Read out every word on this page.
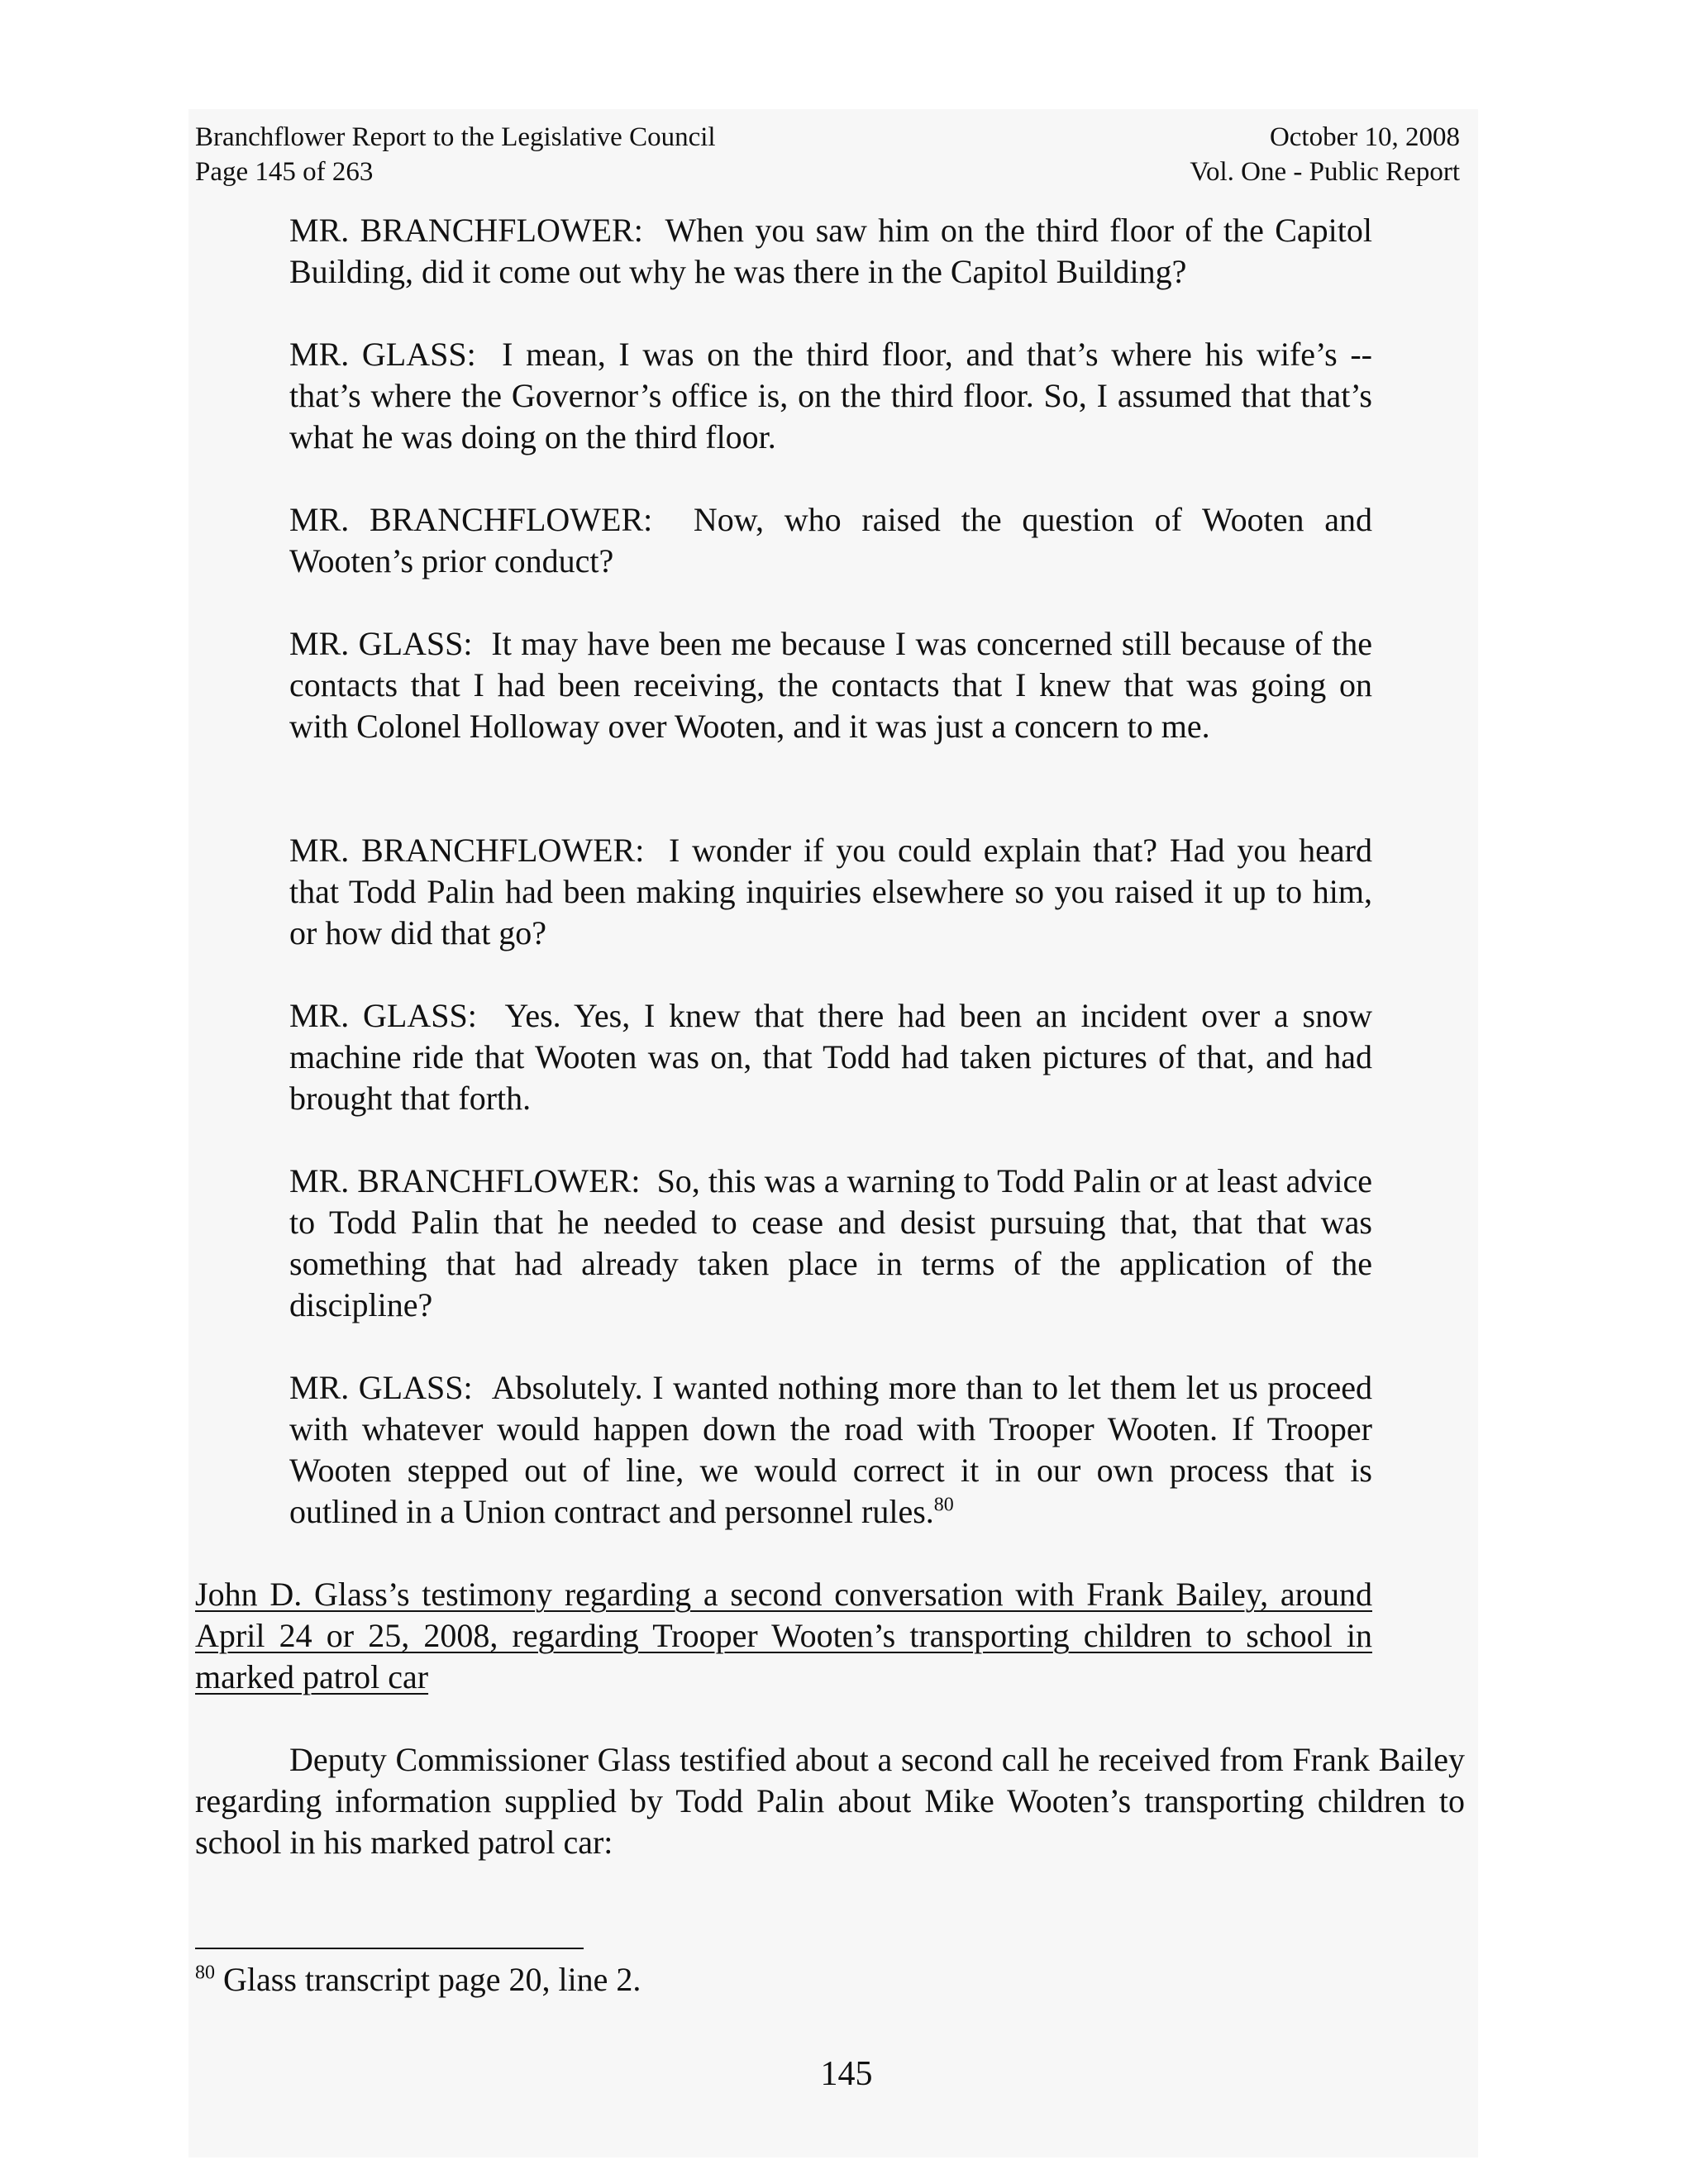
Branchflower Report to the Legislative Council
Page 145 of 263
October 10, 2008
Vol. One - Public Report

MR. BRANCHFLOWER: When you saw him on the third floor of the Capitol Building, did it come out why he was there in the Capitol Building?

MR. GLASS: I mean, I was on the third floor, and that’s where his wife’s -- that’s where the Governor’s office is, on the third floor. So, I assumed that that’s what he was doing on the third floor.

MR. BRANCHFLOWER: Now, who raised the question of Wooten and Wooten’s prior conduct?

MR. GLASS: It may have been me because I was concerned still because of the contacts that I had been receiving, the contacts that I knew that was going on with Colonel Holloway over Wooten, and it was just a concern to me.

MR. BRANCHFLOWER: I wonder if you could explain that? Had you heard that Todd Palin had been making inquiries elsewhere so you raised it up to him, or how did that go?

MR. GLASS: Yes. Yes, I knew that there had been an incident over a snow machine ride that Wooten was on, that Todd had taken pictures of that, and had brought that forth.

MR. BRANCHFLOWER: So, this was a warning to Todd Palin or at least advice to Todd Palin that he needed to cease and desist pursuing that, that that was something that had already taken place in terms of the application of the discipline?

MR. GLASS: Absolutely. I wanted nothing more than to let them let us proceed with whatever would happen down the road with Trooper Wooten. If Trooper Wooten stepped out of line, we would correct it in our own process that is outlined in a Union contract and personnel rules.$^{80}$

John D. Glass’s testimony regarding a second conversation with Frank Bailey, around April 24 or 25, 2008, regarding Trooper Wooten’s transporting children to school in marked patrol car

Deputy Commissioner Glass testified about a second call he received from Frank Bailey regarding information supplied by Todd Palin about Mike Wooten’s transporting children to school in his marked patrol car:

$^{80}$ Glass transcript page 20, line 2.
145
